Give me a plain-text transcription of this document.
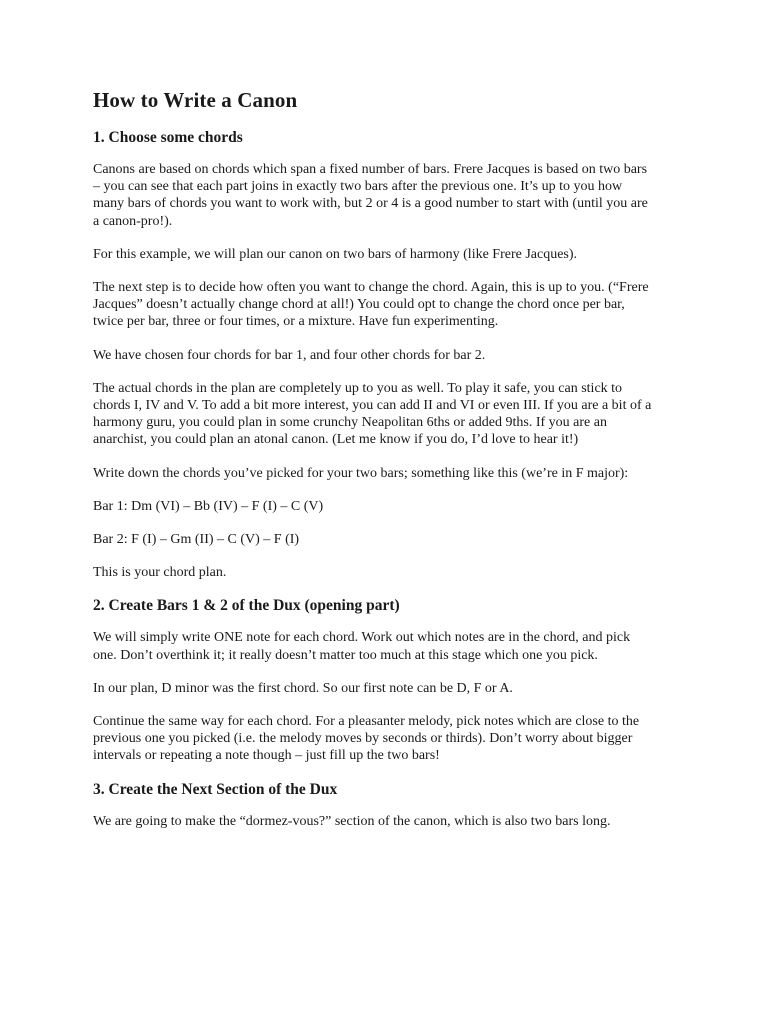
How to Write a Canon
1. Choose some chords

Canons are based on chords which span a fixed number of bars. Frere Jacques is based on two bars – you can see that each part joins in exactly two bars after the previous one. It’s up to you how many bars of chords you want to work with, but 2 or 4 is a good number to start with (until you are a canon-pro!).

For this example, we will plan our canon on two bars of harmony (like Frere Jacques).

The next step is to decide how often you want to change the chord. Again, this is up to you. (“Frere Jacques” doesn’t actually change chord at all!) You could opt to change the chord once per bar, twice per bar, three or four times, or a mixture. Have fun experimenting.

We have chosen four chords for bar 1, and four other chords for bar 2.

The actual chords in the plan are completely up to you as well. To play it safe, you can stick to chords I, IV and V. To add a bit more interest, you can add II and VI or even III. If you are a bit of a harmony guru, you could plan in some crunchy Neapolitan 6ths or added 9ths. If you are an anarchist, you could plan an atonal canon. (Let me know if you do, I’d love to hear it!)

Write down the chords you’ve picked for your two bars; something like this (we’re in F major):

Bar 1: Dm (VI) – Bb (IV) – F (I) – C (V)

Bar 2: F (I) – Gm (II) – C (V) – F (I)

This is your chord plan.

2. Create Bars 1 & 2 of the Dux (opening part)

We will simply write ONE note for each chord. Work out which notes are in the chord, and pick one. Don’t overthink it; it really doesn’t matter too much at this stage which one you pick.

In our plan, D minor was the first chord. So our first note can be D, F or A.

Continue the same way for each chord. For a pleasanter melody, pick notes which are close to the previous one you picked (i.e. the melody moves by seconds or thirds). Don’t worry about bigger intervals or repeating a note though – just fill up the two bars!

3. Create the Next Section of the Dux

We are going to make the “dormez-vous?” section of the canon, which is also two bars long.
